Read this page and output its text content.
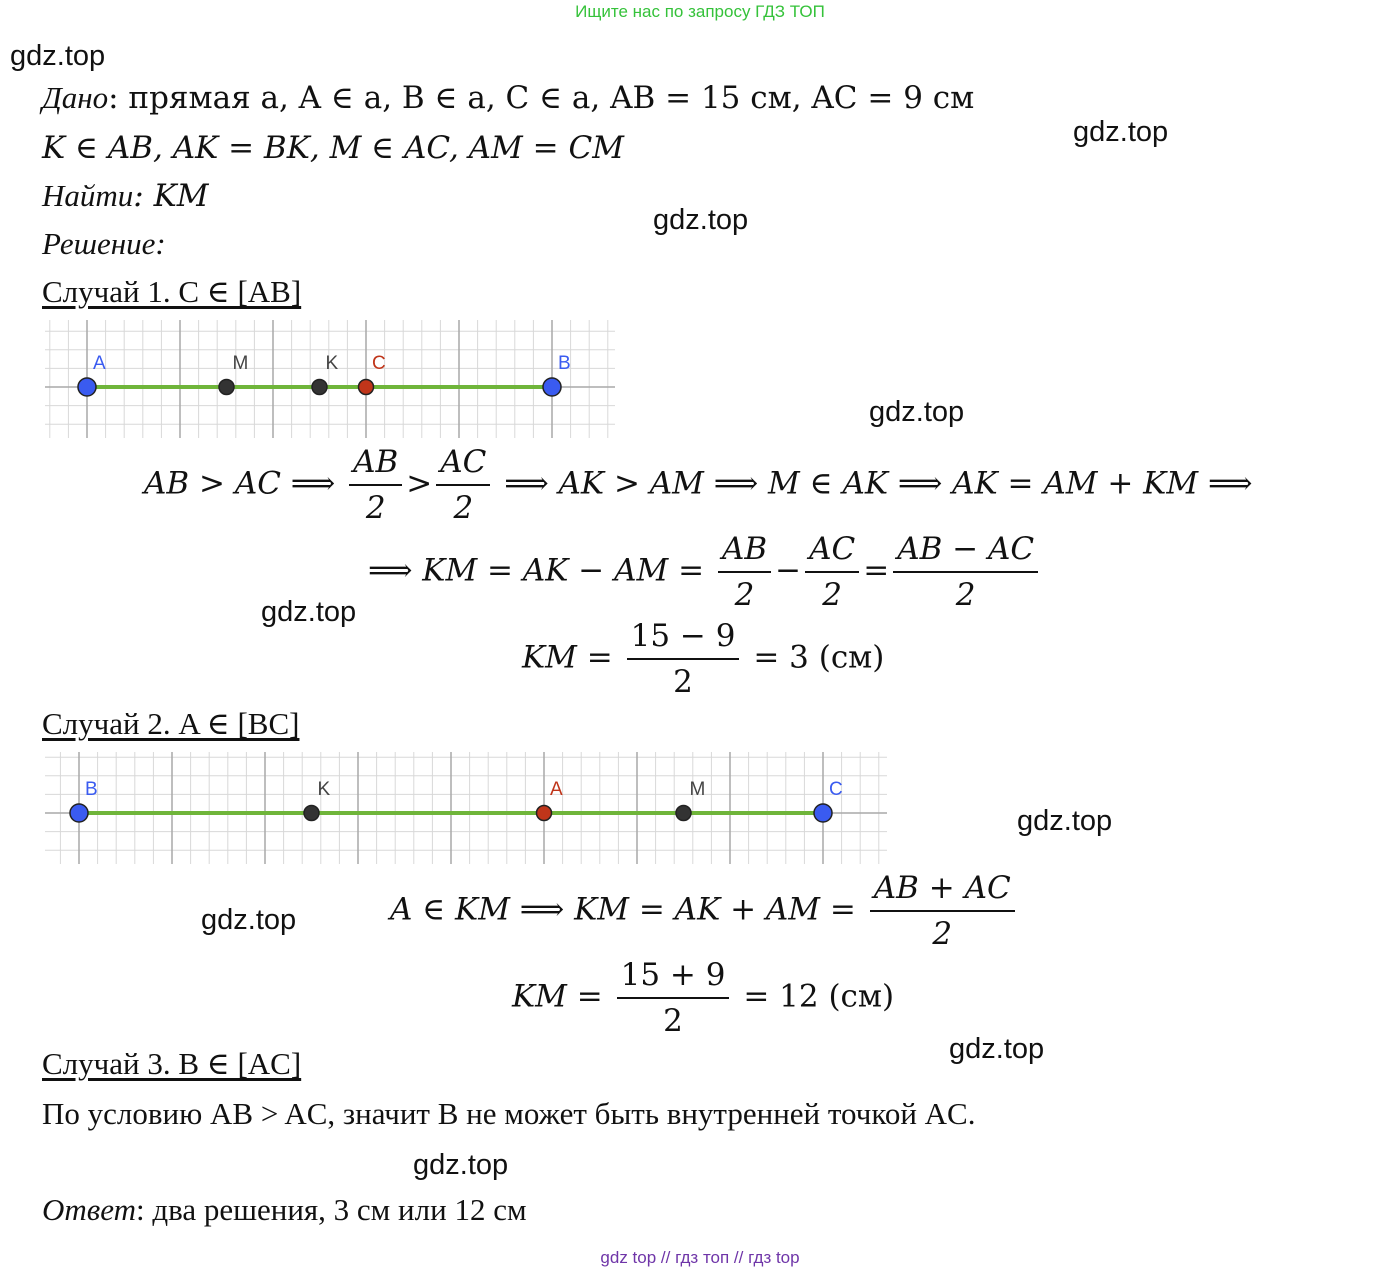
Ищите нас по запросу ГДЗ ТОП
gdz.top
gdz.top
gdz.top
gdz.top
gdz.top
gdz.top
gdz.top
gdz.top
gdz.top
Дано: прямая a, A ∈ a, B ∈ a, C ∈ a, AB = 15 см, AC = 9 см
K ∈ AB, AK = BK, M ∈ AC, AM = CM
Найти: KM
Решение:
Случай 1. C ∈ [AB]
A	M	K C	B
AB > AC ⟹ $\frac{AB}{2} > \frac{AC}{2}$ ⟹ AK > AM ⟹ M ∈ AK ⟹ AK = AM + KM ⟹
⟹ KM = AK − AM = $\frac{AB}{2} - \frac{AC}{2} = \frac{AB - AC}{2}$
KM = $\frac{15 - 9}{2} = 3$ (см)
Случай 2. A ∈ [BC]
B	K	A	M	C
A ∈ KM ⟹ KM = AK + AM = $\frac{AB + AC}{2}$
KM = $\frac{15 + 9}{2} = 12$ (см)
Случай 3. B ∈ [AC]
По условию AB > AC, значит B не может быть внутренней точкой AC.
Ответ: два решения, 3 см или 12 см
gdz top // гдз топ // гдз top
